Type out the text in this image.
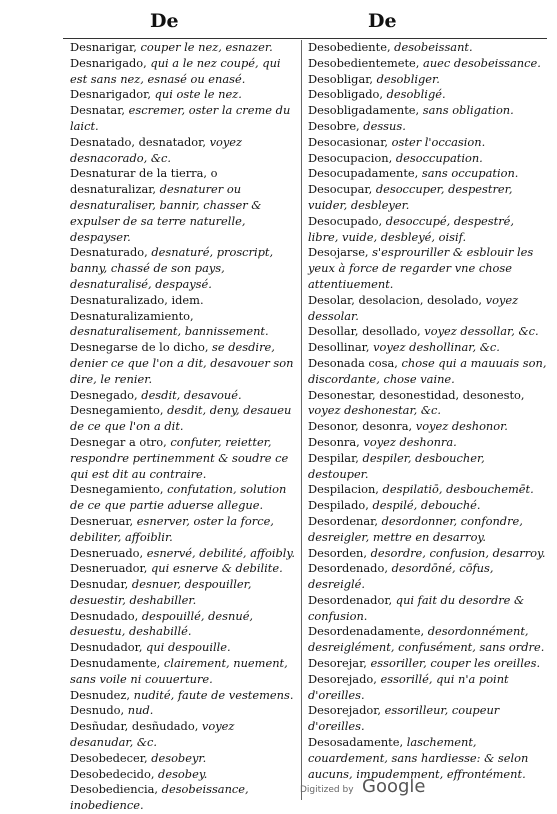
De	De

Desnarigar, couper le nez, esnazer.

Desnarigado, qui a le nez coupé, qui est sans nez, esnasé ou enasé.

Desnarigador, qui oste le nez.

Desnatar, escremer, oster la creme du laict.

Desnatado, desnatador, voyez desnacorado, &c.

Desnaturar de la tierra, o desnaturalizar, desnaturer ou desnaturaliser, bannir, chasser & expulser de sa terre naturelle, despayser.

Desnaturado, desnaturé, proscript, banny, chassé de son pays, desnaturalisé, despaysé.

Desnaturalizado, idem.

Desnaturalizamiento, desnaturalisement, bannissement.

Desnegarse de lo dicho, se desdire, denier ce que l'on a dit, desavouer son dire, le renier.

Desnegado, desdit, desavoué.

Desnegamiento, desdit, deny, desaueu de ce que l'on a dit.

Desnegar a otro, confuter, reietter, respondre pertinemment & soudre ce qui est dit au contraire.

Desnegamiento, confutation, solution de ce que partie aduerse allegue.

Desneruar, esnerver, oster la force, debiliter, affoiblir.

Desneruado, esnervé, debilité, affoibly.

Desneruador, qui esnerve & debilite.

Desnudar, desnuer, despouiller, desuestir, deshabiller.

Desnudado, despouillé, desnué, desuestu, deshabillé.

Desnudador, qui despouille.

Desnudamente, clairement, nuement, sans voile ni couuerture.

Desnudez, nudité, faute de vestemens.

Desnudo, nud.

Desñudar, desñudado, voyez desanudar, &c.

Desobedecer, desobeyr.

Desobedecido, desobey.

Desobediencia, desobeissance, inobedience.

Desobediente, desobeissant.

Desobedientemete, auec desobeissance.

Desobligar, desobliger.

Desobligado, desobligé.

Desobligadamente, sans obligation.

Desobre, dessus.

Desocasionar, oster l'occasion.

Desocupacion, desoccupation.

Desocupadamente, sans occupation.

Desocupar, desoccuper, despestrer, vuider, desbleyer.

Desocupado, desoccupé, despestré, libre, vuide, desbleyé, oisif.

Desojarse, s'esprouriller & esblouir les yeux à force de regarder vne chose attentiuement.

Desolar, desolacion, desolado, voyez dessolar.

Desollar, desollado, voyez dessollar, &c.

Desollinar, voyez deshollinar, &c.

Desonada cosa, chose qui a mauuais son, discordante, chose vaine.

Desonestar, desonestidad, desonesto, voyez deshonestar, &c.

Desonor, desonra, voyez deshonor.

Desonra, voyez deshonra.

Despilar, despiler, desboucher, destouper.

Despilacion, despilatiō, desbouchemēt.

Despilado, despilé, debouché.

Desordenar, desordonner, confondre, desreigler, mettre en desarroy.

Desorden, desordre, confusion, desarroy.

Desordenado, desordōné, cōfus, desreiglé.

Desordenador, qui fait du desordre & confusion.

Desordenadamente, desordonnément, desreiglément, confusément, sans ordre.

Desorejar, essoriller, couper les oreilles.

Desorejado, essorillé, qui n'a point d'oreilles.

Desorejador, essorilleur, coupeur d'oreilles.

Desosadamente, laschement, couardement, sans hardiesse: & selon aucuns, impudemment, effrontément.

Digitized by Google
